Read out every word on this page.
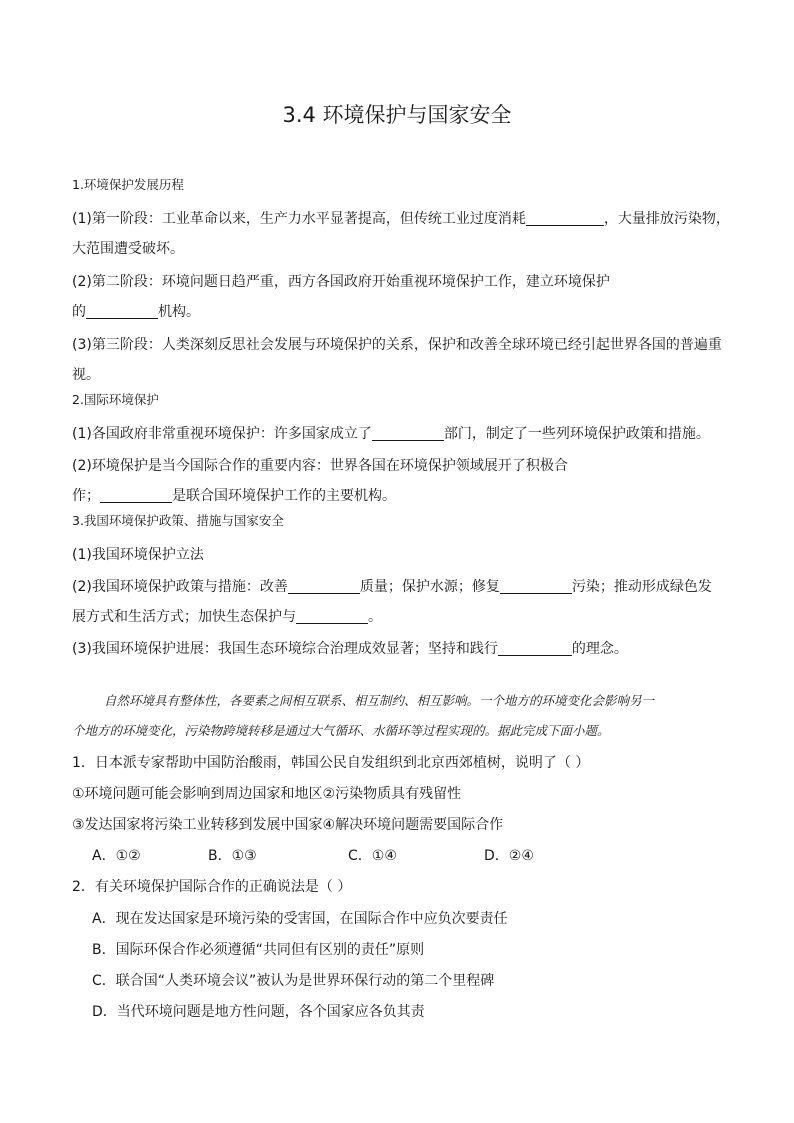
3.4 环境保护与国家安全
1.环境保护发展历程
(1)第一阶段：工业革命以来，生产力水平显著提高，但传统工业过度消耗	，大量排放污染物，
大范围遭受破坏。
(2)第二阶段：环境问题日趋严重，西方各国政府开始重视环境保护工作，建立环境保护
的	机构。
(3)第三阶段：人类深刻反思社会发展与环境保护的关系，保护和改善全球环境已经引起世界各国的普遍重
视。
2.国际环境保护
(1)各国政府非常重视环境保护：许多国家成立了	部门，制定了一些列环境保护政策和措施。
(2)环境保护是当今国际合作的重要内容：世界各国在环境保护领域展开了积极合
作；	是联合国环境保护工作的主要机构。
3.我国环境保护政策、措施与国家安全
(1)我国环境保护立法
(2)我国环境保护政策与措施：改善	质量；保护水源；修复	污染；推动形成绿色发
展方式和生活方式；加快生态保护与	。
(3)我国环境保护进展：我国生态环境综合治理成效显著；坚持和践行	的理念。
自然环境具有整体性，各要素之间相互联系、相互制约、相互影响。一个地方的环境变化会影响另一
个地方的环境变化，污染物跨境转移是通过大气循环、水循环等过程实现的。据此完成下面小题。
1．日本派专家帮助中国防治酸雨，韩国公民自发组织到北京西郊植树，说明了（ ）
①环境问题可能会影响到周边国家和地区②污染物质具有残留性
③发达国家将污染工业转移到发展中国家④解决环境问题需要国际合作
A．①②	B．①③	C．①④	D．②④
2．有关环境保护国际合作的正确说法是（ ）
A．现在发达国家是环境污染的受害国，在国际合作中应负次要责任
B．国际环保合作必须遵循“共同但有区别的责任”原则
C．联合国“人类环境会议”被认为是世界环保行动的第二个里程碑
D．当代环境问题是地方性问题，各个国家应各负其责
